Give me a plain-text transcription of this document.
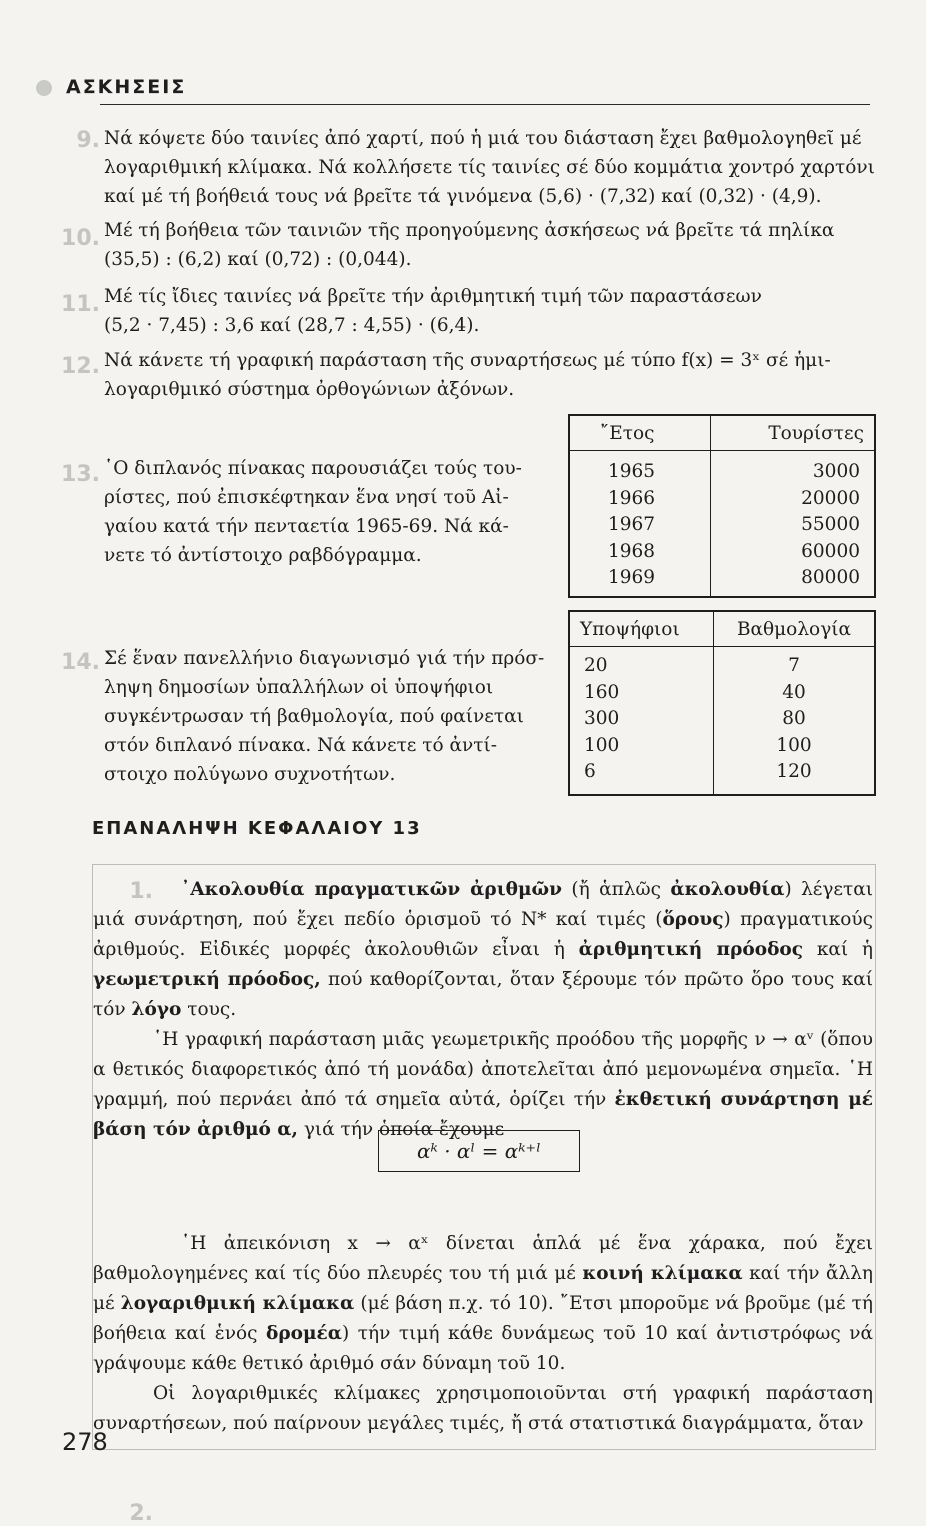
ΑΣΚΗΣΕΙΣ
9. Νά κόψετε δύο ταινίες ἀπό χαρτί, πού ἡ μιά του διάσταση ἔχει βαθμολογηθεῖ μέ
λογαριθμική κλίμακα. Νά κολλήσετε τίς ταινίες σέ δύο κομμάτια χοντρό χαρτόνι
καί μέ τή βοήθειά τους νά βρεῖτε τά γινόμενα (5,6) · (7,32) καί (0,32) · (4,9).
10. Μέ τή βοήθεια τῶν ταινιῶν τῆς προηγούμενης ἀσκήσεως νά βρεῖτε τά πηλίκα
(35,5) : (6,2) καί (0,72) : (0,044).
11. Μέ τίς ἴδιες ταινίες νά βρεῖτε τήν ἀριθμητική τιμή τῶν παραστάσεων
(5,2 · 7,45) : 3,6 καί (28,7 : 4,55) · (6,4).
12. Νά κάνετε τή γραφική παράσταση τῆς συναρτήσεως μέ τύπο f(x) = 3ˣ σέ ἡμι-
λογαριθμικό σύστημα ὀρθογώνιων ἀξόνων.
13. ῾Ο διπλανός πίνακας παρουσιάζει τούς του-
ρίστες, πού ἐπισκέφτηκαν ἕνα νησί τοῦ Αἰ-
γαίου κατά τήν πενταετία 1965-69. Νά κά-
νετε τό ἀντίστοιχο ραβδόγραμμα.
῎Ετος	Τουρίστες
1965	3000
1966	20000
1967	55000
1968	60000
1969	80000
14. Σέ ἕναν πανελλήνιο διαγωνισμό γιά τήν πρόσ-
ληψη δημοσίων ὑπαλλήλων οἱ ὑποψήφιοι
συγκέντρωσαν τή βαθμολογία, πού φαίνεται
στόν διπλανό πίνακα. Νά κάνετε τό ἀντί-
στοιχο πολύγωνο συχνοτήτων.
Υποψήφιοι	Βαθμολογία
20	7
160	40
300	80
100	100
6	120
ΕΠΑΝΑΛΗΨΗ ΚΕΦΑΛΑΙΟΥ 13
1.	᾿Ακολουθία πραγματικῶν ἀριθμῶν (ἤ ἁπλῶς ἀκολουθία) λέγεται μιά συνάρτηση, πού ἔχει πεδίο ὁρισμοῦ τό N* καί τιμές (ὅρους) πραγματικούς ἀριθμούς. Εἰδικές μορφές ἀκολουθιῶν εἶναι ἡ ἀριθμητική πρόοδος καί ἡ γεωμετρική πρόοδος, πού καθορίζονται, ὅταν ξέρουμε τόν πρῶτο ὅρο τους καί τόν λόγο τους.

῾Η γραφική παράσταση μιᾶς γεωμετρικῆς προόδου τῆς μορφῆς ν → αᵛ (ὅπου α θετικός διαφορετικός ἀπό τή μονάδα) ἀποτελεῖται ἀπό μεμονωμένα σημεῖα. ῾Η γραμμή, πού περνάει ἀπό τά σημεῖα αὐτά, ὁρίζει τήν ἐκθετική συνάρτηση μέ βάση τόν ἀριθμό α, γιά τήν ὁποία ἔχουμε

2.

῾Η ἀπεικόνιση x → αˣ δίνεται ἁπλά μέ ἕνα χάρακα, πού ἔχει βαθμολογημένες καί τίς δύο πλευρές του τή μιά μέ κοινή κλίμακα καί τήν ἄλλη μέ λογαριθμική κλίμακα (μέ βάση π.χ. τό 10). ῎Ετσι μποροῦμε νά βροῦμε (μέ τή βοήθεια καί ἑνός δρομέα) τήν τιμή κάθε δυνάμεως τοῦ 10 καί ἀντιστρόφως νά γράψουμε κάθε θετικό ἀριθμό σάν δύναμη τοῦ 10.

Οἱ λογαριθμικές κλίμακες χρησιμοποιοῦνται στή γραφική παράσταση συναρτήσεων, πού παίρνουν μεγάλες τιμές, ἤ στά στατιστικά διαγράμματα, ὅταν

αᵏ · αˡ = αᵏ⁺ˡ
278
